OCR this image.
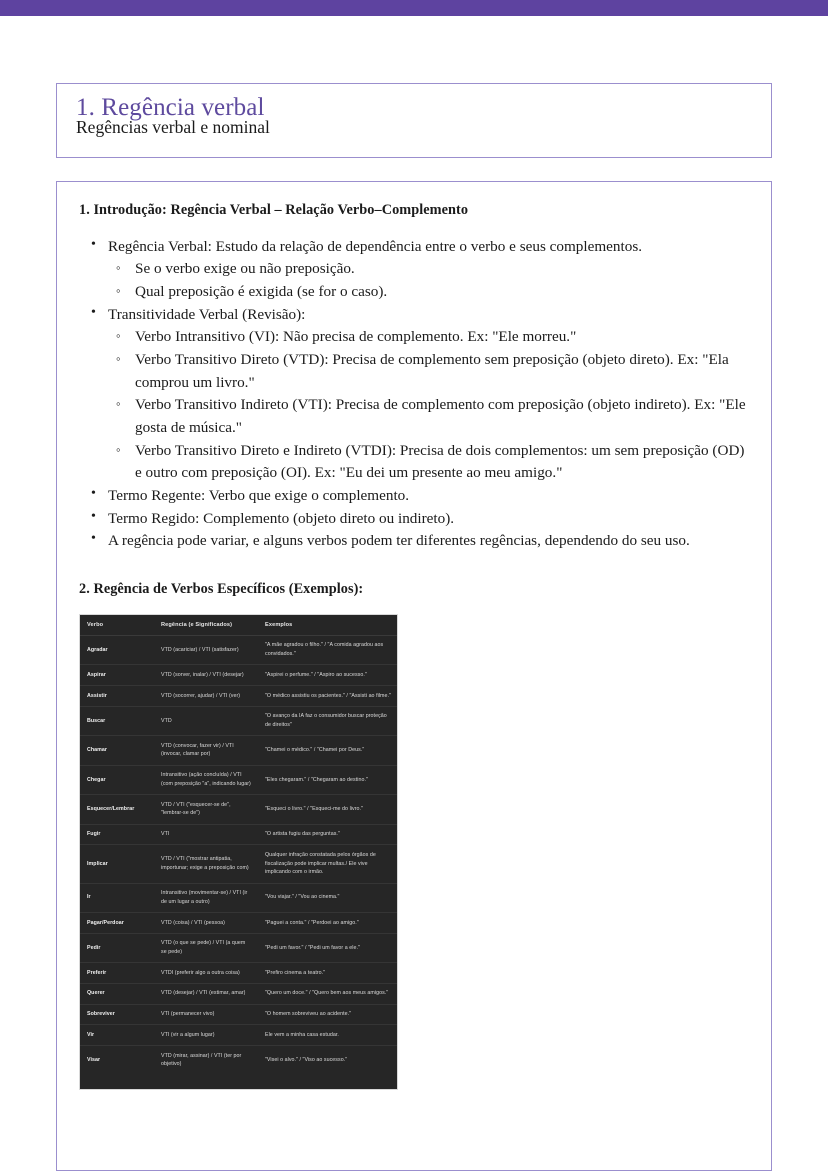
1. Regência verbal
Regências verbal e nominal
1. Introdução: Regência Verbal – Relação Verbo–Complemento
• Regência Verbal: Estudo da relação de dependência entre o verbo e seus complementos.
◦ Se o verbo exige ou não preposição.
◦ Qual preposição é exigida (se for o caso).
• Transitividade Verbal (Revisão):
◦ Verbo Intransitivo (VI): Não precisa de complemento. Ex: "Ele morreu."
◦ Verbo Transitivo Direto (VTD): Precisa de complemento sem preposição (objeto direto). Ex: "Ela comprou um livro."
◦ Verbo Transitivo Indireto (VTI): Precisa de complemento com preposição (objeto indireto). Ex: "Ele gosta de música."
◦ Verbo Transitivo Direto e Indireto (VTDI): Precisa de dois complementos: um sem preposição (OD) e outro com preposição (OI). Ex: "Eu dei um presente ao meu amigo."
• Termo Regente: Verbo que exige o complemento.
• Termo Regido: Complemento (objeto direto ou indireto).
• A regência pode variar, e alguns verbos podem ter diferentes regências, dependendo do seu uso.
2. Regência de Verbos Específicos (Exemplos):
Verbo	Regência (e Significados)	Exemplos
Agradar	VTD (acariciar) / VTI (satisfazer)	"A mãe agradou o filho." / "A comida agradou aos convidados."
Aspirar	VTD (sorver, inalar) / VTI (desejar)	"Aspirei o perfume." / "Aspiro ao sucesso."
Assistir	VTD (socorrer, ajudar) / VTI (ver)	"O médico assistiu os pacientes." / "Assisti ao filme."
Buscar	VTD	"O avanço da IA faz o consumidor buscar proteção de direitos"
Chamar	VTD (convocar, fazer vir) / VTI (invocar, clamar por)	"Chamei o médico." / "Chamei por Deus."
Chegar	Intransitivo (ação concluída) / VTI (com preposição "a", indicando lugar)	"Eles chegaram." / "Chegaram ao destino."
Esquecer/Lembrar	VTD / VTI ("esquecer-se de", "lembrar-se de")	"Esqueci o livro." / "Esqueci-me do livro."
Fugir	VTI	"O artista fugiu das perguntas."
Implicar	VTD / VTI ("mostrar antipatia, importunar; exige a preposição com)	Qualquer infração constatada pelos órgãos de fiscalização pode implicar multas./ Ele vive implicando com o irmão.
Ir	Intransitivo (movimentar-se) / VTI (ir de um lugar a outro)	"Vou viajar." / "Vou ao cinema."
Pagar/Perdoar	VTD (coisa) / VTI (pessoa)	"Paguei a conta." / "Perdoei ao amigo."
Pedir	VTD (o que se pede) / VTI (a quem se pede)	"Pedi um favor." / "Pedi um favor a ele."
Preferir	VTDI (preferir algo a outra coisa)	"Prefiro cinema a teatro."
Querer	VTD (desejar) / VTI (estimar, amar)	"Quero um doce." / "Quero bem aos meus amigos."
Sobreviver	VTI (permanecer vivo)	"O homem sobreviveu ao acidente."
Vir	VTI (vir a algum lugar)	Ele vem a minha casa estudar.
Visar	VTD (mirar, assinar) / VTI (ter por objetivo)	"Visei o alvo." / "Viso ao sucesso."
